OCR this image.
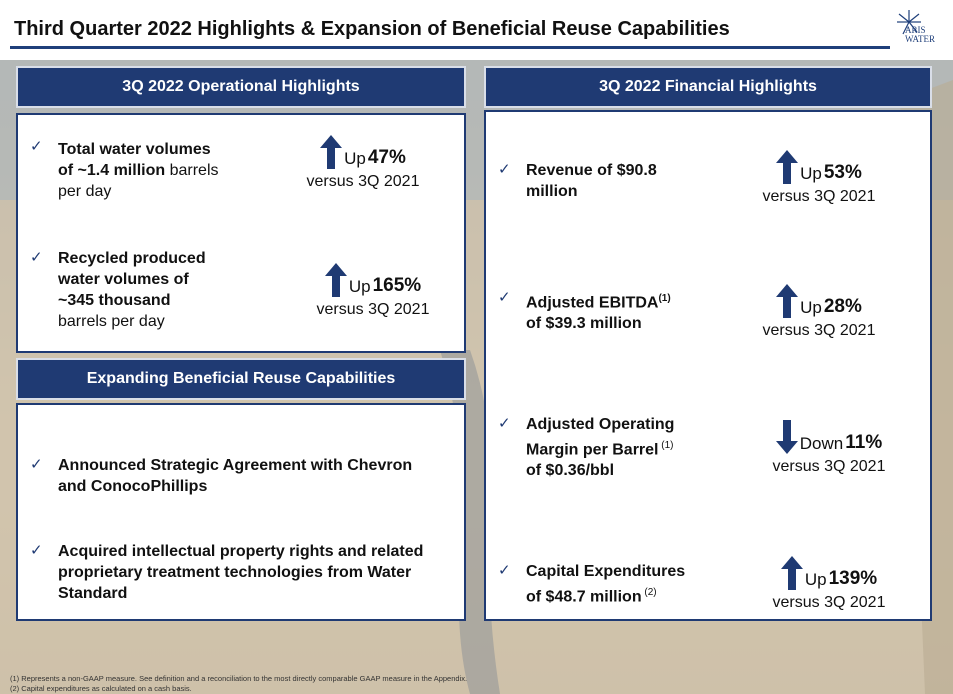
Third Quarter 2022 Highlights & Expansion of Beneficial Reuse Capabilities	ARIS
WATER
3Q 2022 Operational Highlights
✓ Total water volumes
of ~1.4 million barrels
per day
Up 47%
versus 3Q 2021
✓ Recycled produced
water volumes of
~345 thousand
barrels per day
Up 165%
versus 3Q 2021
Expanding Beneficial Reuse Capabilities
✓ Announced Strategic Agreement with Chevron
and ConocoPhillips
✓ Acquired intellectual property rights and related
proprietary treatment technologies from Water
Standard
3Q 2022 Financial Highlights
✓ Revenue of $90.8
million
Up 53%
versus 3Q 2021
✓ Adjusted EBITDA$^{(1)}$
of $39.3 million
Up 28%
versus 3Q 2021
✓ Adjusted Operating
Margin per Barrel $^{(1)}$
of $0.36/bbl
Down 11%
versus 3Q 2021
✓ Capital Expenditures
of $48.7 million $^{(2)}$
Up 139%
versus 3Q 2021
(1) Represents a non-GAAP measure. See definition and a reconciliation to the most directly comparable GAAP measure in the Appendix.
(2) Capital expenditures as calculated on a cash basis.
